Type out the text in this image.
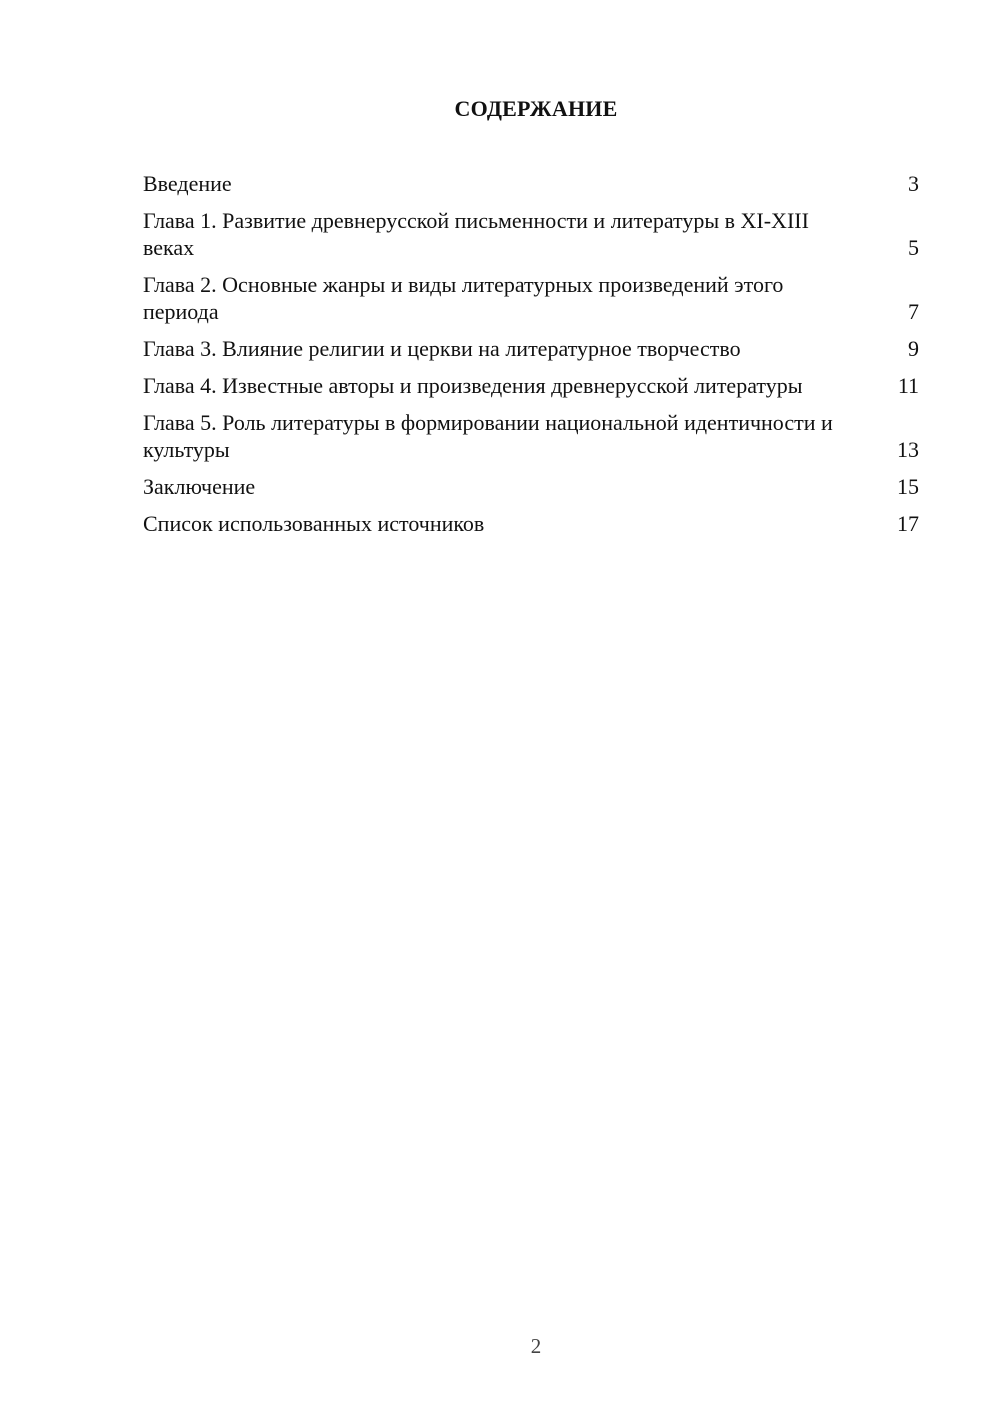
СОДЕРЖАНИЕ
Введение	3
Глава 1. Развитие древнерусской письменности и литературы в XI-XIII веках	5
Глава 2. Основные жанры и виды литературных произведений этого периода	7
Глава 3. Влияние религии и церкви на литературное творчество	9
Глава 4. Известные авторы и произведения древнерусской литературы	11
Глава 5. Роль литературы в формировании национальной идентичности и культуры	13
Заключение	15
Список использованных источников	17
2
